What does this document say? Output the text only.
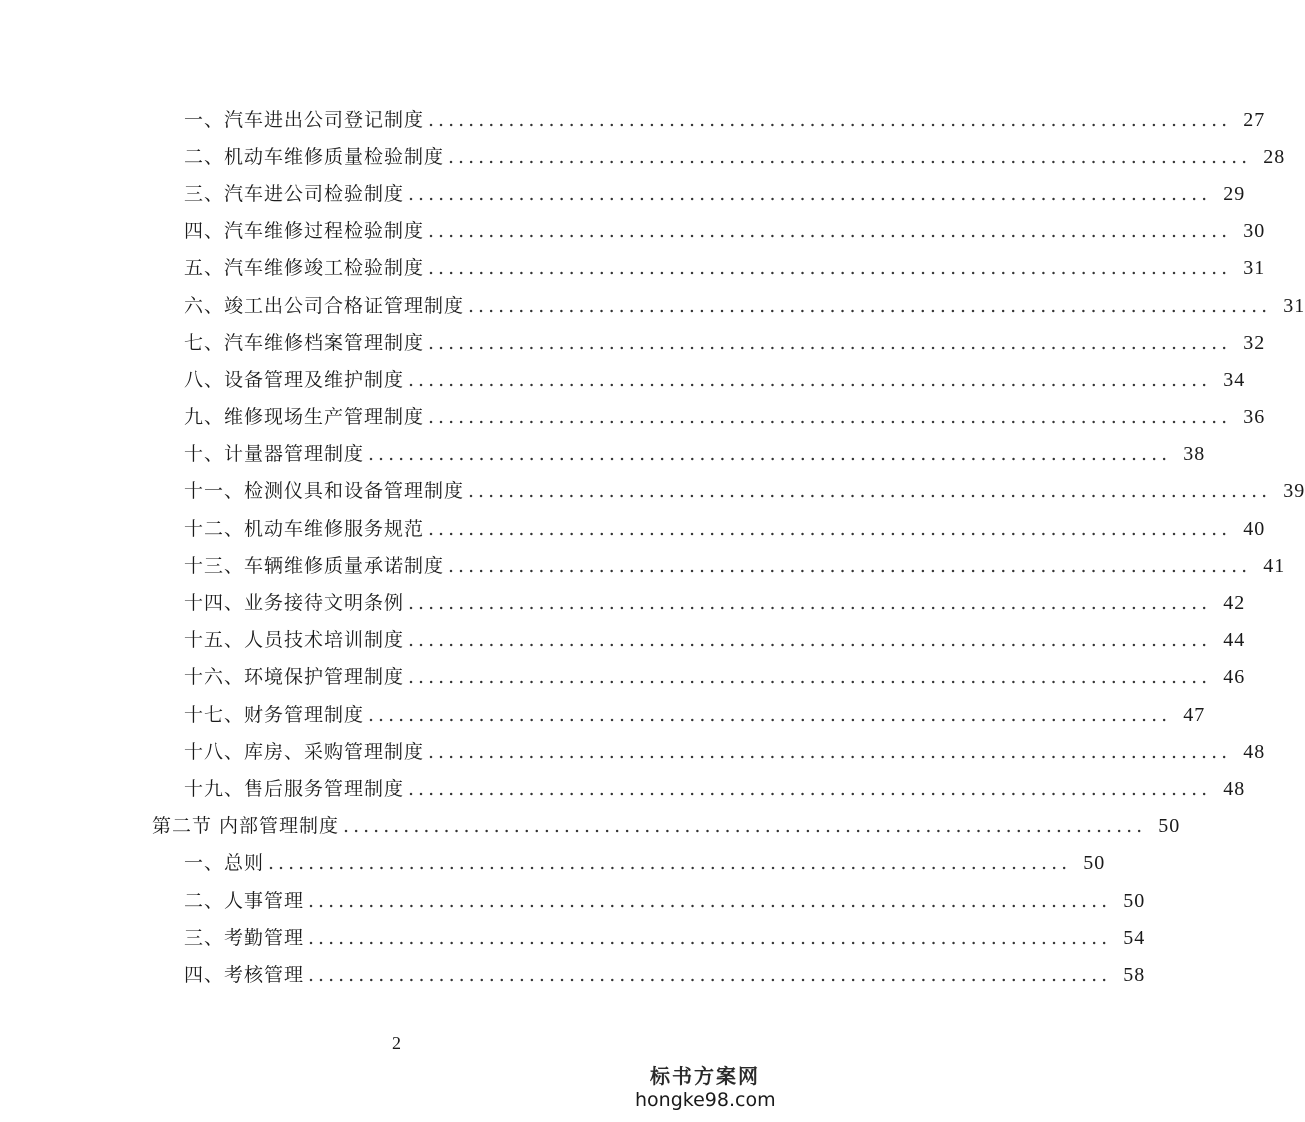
一、汽车进出公司登记制度 ................................................................................ 27
二、机动车维修质量检验制度 ................................................................................ 28
三、汽车进公司检验制度 ................................................................................ 29
四、汽车维修过程检验制度 ................................................................................ 30
五、汽车维修竣工检验制度 ................................................................................ 31
六、竣工出公司合格证管理制度 ................................................................................ 31
七、汽车维修档案管理制度 ................................................................................ 32
八、设备管理及维护制度 ................................................................................ 34
九、维修现场生产管理制度 ................................................................................ 36
十、计量器管理制度 ................................................................................ 38
十一、检测仪具和设备管理制度 ................................................................................ 39
十二、机动车维修服务规范 ................................................................................ 40
十三、车辆维修质量承诺制度 ................................................................................ 41
十四、业务接待文明条例 ................................................................................ 42
十五、人员技术培训制度 ................................................................................ 44
十六、环境保护管理制度 ................................................................................ 46
十七、财务管理制度 ................................................................................ 47
十八、库房、采购管理制度 ................................................................................ 48
十九、售后服务管理制度 ................................................................................ 48
第二节 内部管理制度 ................................................................................ 50
一、总则 ................................................................................ 50
二、人事管理 ................................................................................ 50
三、考勤管理 ................................................................................ 54
四、考核管理 ................................................................................ 58
2
标书方案网
hongke98.com
